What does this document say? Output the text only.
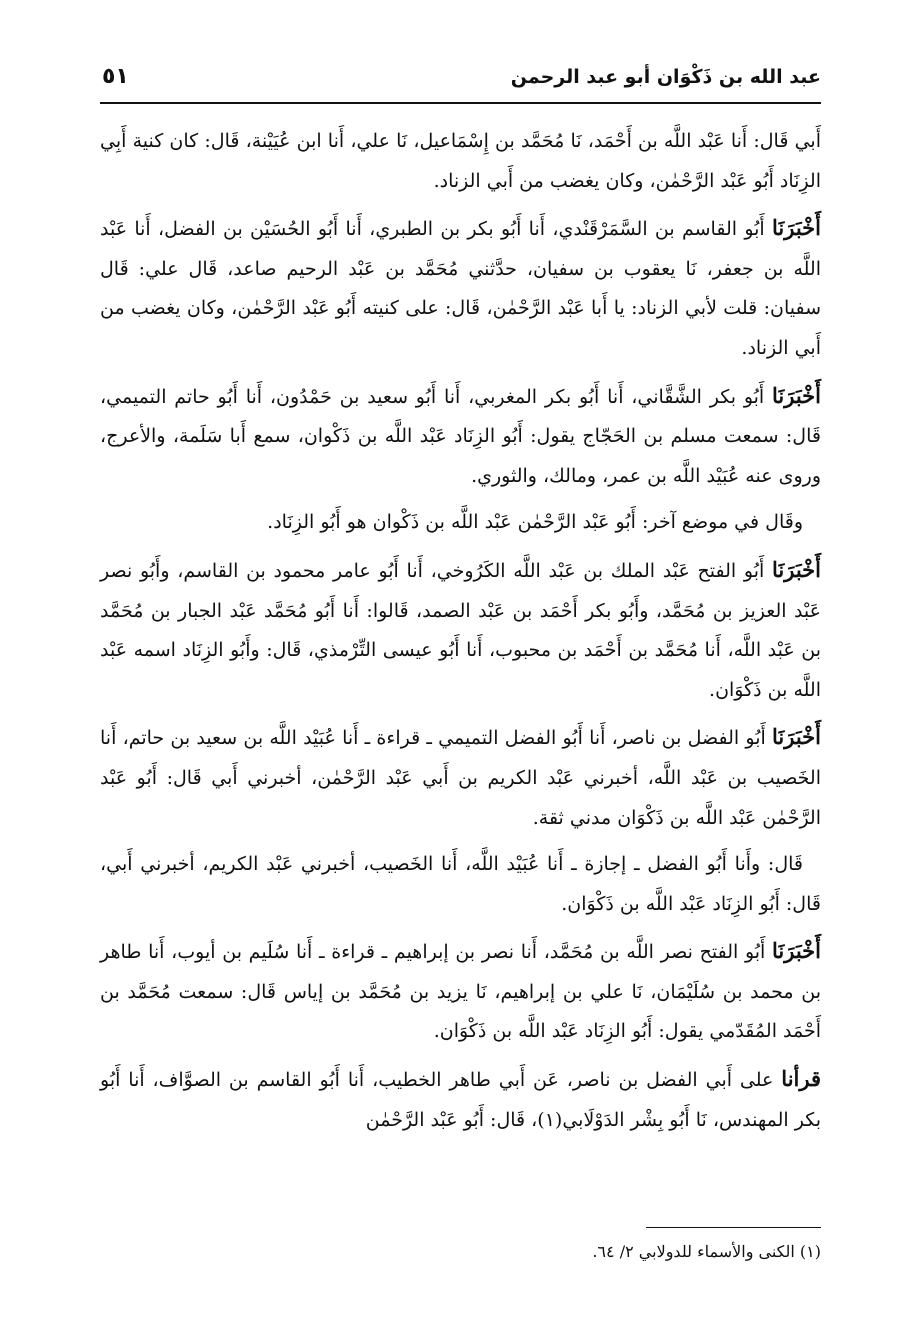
٥١	عبد الله بن ذَكْوَان أبو عبد الرحمن

أَبي قَال: أَنا عَبْد اللَّه بن أَحْمَد، نَا مُحَمَّد بن إِسْمَاعيل، نَا علي، أَنا ابن عُيَيْنة، قَال: كان كنية أَبِي الزِنَاد أَبُو عَبْد الرَّحْمٰن، وكان يغضب من أَبي الزناد.

أَخْبَرَنَا أَبُو القاسم بن السَّمَرْقَنْدي، أَنا أَبُو بكر بن الطبري، أَنا أَبُو الحُسَيْن بن الفضل، أَنا عَبْد اللَّه بن جعفر، نَا يعقوب بن سفيان، حدَّثني مُحَمَّد بن عَبْد الرحيم صاعد، قَال علي: قَال سفيان: قلت لأبي الزناد: يا أَبا عَبْد الرَّحْمٰن، قَال: على كنيته أَبُو عَبْد الرَّحْمٰن، وكان يغضب من أَبي الزناد.

أَخْبَرَنَا أَبُو بكر الشَّقَّاني، أَنا أَبُو بكر المغربي، أَنا أَبُو سعيد بن حَمْدُون، أَنا أَبُو حاتم التميمي، قَال: سمعت مسلم بن الحَجّاج يقول: أَبُو الزِنَاد عَبْد اللَّه بن ذَكْوان، سمع أَبا سَلَمة، والأعرج، وروى عنه عُبَيْد اللَّه بن عمر، ومالك، والثوري.

وقَال في موضع آخر: أَبُو عَبْد الرَّحْمٰن عَبْد اللَّه بن ذَكْوان هو أَبُو الزِنَاد.

أَخْبَرَنَا أَبُو الفتح عَبْد الملك بن عَبْد اللَّه الكَرُوخي، أَنا أَبُو عامر محمود بن القاسم، وأَبُو نصر عَبْد العزيز بن مُحَمَّد، وأَبُو بكر أَحْمَد بن عَبْد الصمد، قَالوا: أَنا أَبُو مُحَمَّد عَبْد الجبار بن مُحَمَّد بن عَبْد اللَّه، أَنا مُحَمَّد بن أَحْمَد بن محبوب، أَنا أَبُو عيسى التِّرْمذي، قَال: وأَبُو الزِنَاد اسمه عَبْد اللَّه بن ذَكْوَان.

أَخْبَرَنَا أَبُو الفضل بن ناصر، أَنا أَبُو الفضل التميمي ـ قراءة ـ أَنا عُبَيْد اللَّه بن سعيد بن حاتم، أَنا الخَصيب بن عَبْد اللَّه، أخبرني عَبْد الكريم بن أَبي عَبْد الرَّحْمٰن، أخبرني أَبي قَال: أَبُو عَبْد الرَّحْمٰن عَبْد اللَّه بن ذَكْوَان مدني ثقة.

قَال: وأَنا أَبُو الفضل ـ إجازة ـ أَنا عُبَيْد اللَّه، أَنا الخَصيب، أخبرني عَبْد الكريم، أخبرني أَبي، قَال: أَبُو الزِنَاد عَبْد اللَّه بن ذَكْوَان.

أَخْبَرَنَا أَبُو الفتح نصر اللَّه بن مُحَمَّد، أَنا نصر بن إبراهيم ـ قراءة ـ أَنا سُلَيم بن أيوب، أَنا طاهر بن محمد بن سُلَيْمَان، نَا علي بن إبراهيم، نَا يزيد بن مُحَمَّد بن إياس قَال: سمعت مُحَمَّد بن أَحْمَد المُقَدّمي يقول: أَبُو الزِنَاد عَبْد اللَّه بن ذَكْوَان.

قرأنا على أَبي الفضل بن ناصر، عَن أَبي طاهر الخطيب، أَنا أَبُو القاسم بن الصوَّاف، أَنا أَبُو بكر المهندس، نَا أَبُو بِشْر الدَوْلَابي(١)، قَال: أَبُو عَبْد الرَّحْمٰن

(١) الكنى والأسماء للدولابي ٢/ ٦٤.
